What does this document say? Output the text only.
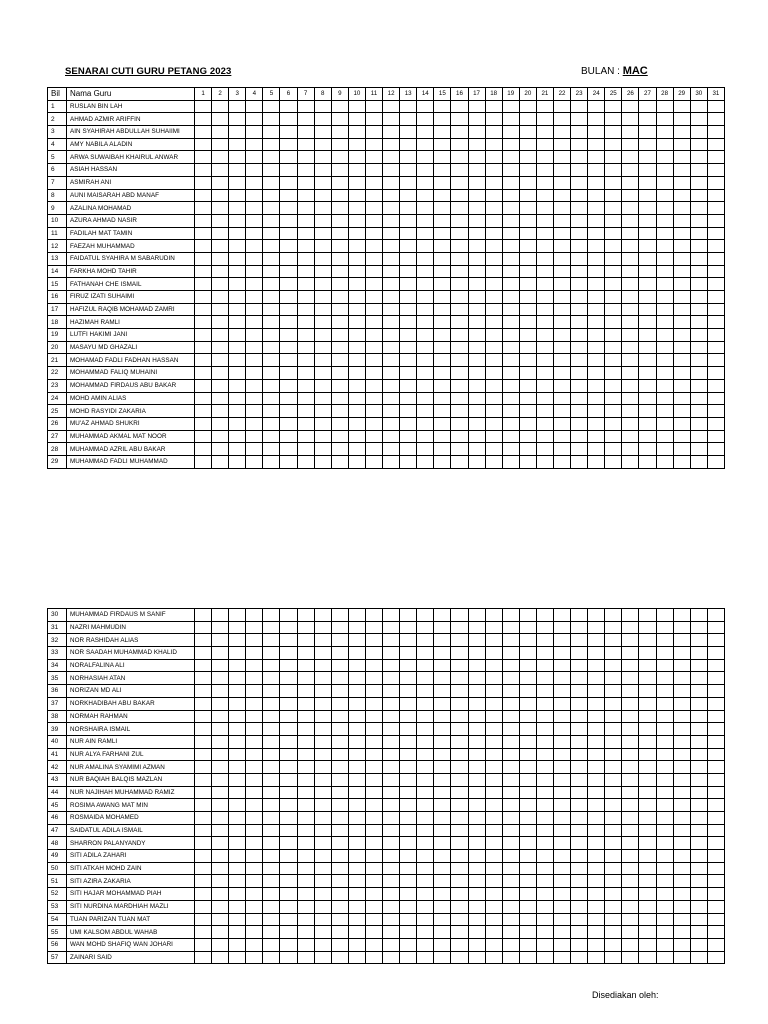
SENARAI CUTI GURU PETANG 2023	BULAN : MAC
Bil	Nama Guru	1	2	3	4	5	6	7	8	9	10	11	12	13	14	15	16	17	18	19	20	21	22	23	24	25	26	27	28	29	30	31
1	RUSLAN BIN LAH																															
2	AHMAD AZMIR ARIFFIN																															
3	AIN SYAHIRAH ABDULLAH SUHAIIMI																															
4	AMY NABILA ALADIN																															
5	ARWA SUWAIBAH KHAIRUL ANWAR																															
6	ASIAH HASSAN																															
7	ASMIRAH ANI																															
8	AUNI MAISARAH ABD MANAF																															
9	AZALINA MOHAMAD																															
10	AZURA AHMAD NASIR																															
11	FADILAH MAT TAMIN																															
12	FAEZAH MUHAMMAD																															
13	FAIDATUL SYAHIRA M SABARUDIN																															
14	FARKHA MOHD TAHIR																															
15	FATHANAH CHE ISMAIL																															
16	FIRUZ IZATI SUHAIMI																															
17	HAFIZUL RAQIB MOHAMAD ZAMRI																															
18	HAZIMAH RAMLI																															
19	LUTFI HAKIMI JANI																															
20	MASAYU MD GHAZALI																															
21	MOHAMAD FADLI FADHAN HASSAN																															
22	MOHAMMAD FALIQ MUHAINI																															
23	MOHAMMAD FIRDAUS ABU BAKAR																															
24	MOHD AMIN ALIAS																															
25	MOHD RASYIDI ZAKARIA																															
26	MU'AZ AHMAD SHUKRI																															
27	MUHAMMAD AKMAL MAT NOOR																															
28	MUHAMMAD AZRIL ABU BAKAR																															
29	MUHAMMAD FADLI MUHAMMAD																															
30	MUHAMMAD FIRDAUS M SANIF																															
31	NAZRI MAHMUDIN																															
32	NOR RASHIDAH ALIAS																															
33	NOR SAADAH MUHAMMAD KHALID																															
34	NORALFALINA ALI																															
35	NORHASIAH ATAN																															
36	NORIZAN MD ALI																															
37	NORKHADIBAH ABU BAKAR																															
38	NORMAH RAHMAN																															
39	NORSHAIRA ISMAIL																															
40	NUR AIN RAMLI																															
41	NUR ALYA FARHANI ZUL																															
42	NUR AMALINA SYAMIMI AZMAN																															
43	NUR BAQIAH BALQIS MAZLAN																															
44	NUR NAJIHAH MUHAMMAD RAMIZ																															
45	ROSIMA AWANG MAT MIN																															
46	ROSMAIDA MOHAMED																															
47	SAIDATUL ADILA ISMAIL																															
48	SHARRON PALANYANDY																															
49	SITI ADILA ZAHARI																															
50	SITI ATKAH MOHD ZAIN																															
51	SITI AZIRA ZAKARIA																															
52	SITI HAJAR MOHAMMAD PIAH																															
53	SITI NURDINA MARDHIAH MAZLI																															
54	TUAN PARIZAN TUAN MAT																															
55	UMI KALSOM ABDUL WAHAB																															
56	WAN MOHD SHAFIQ WAN JOHARI																															
57	ZAINARI SAID																															
Disediakan oleh:
